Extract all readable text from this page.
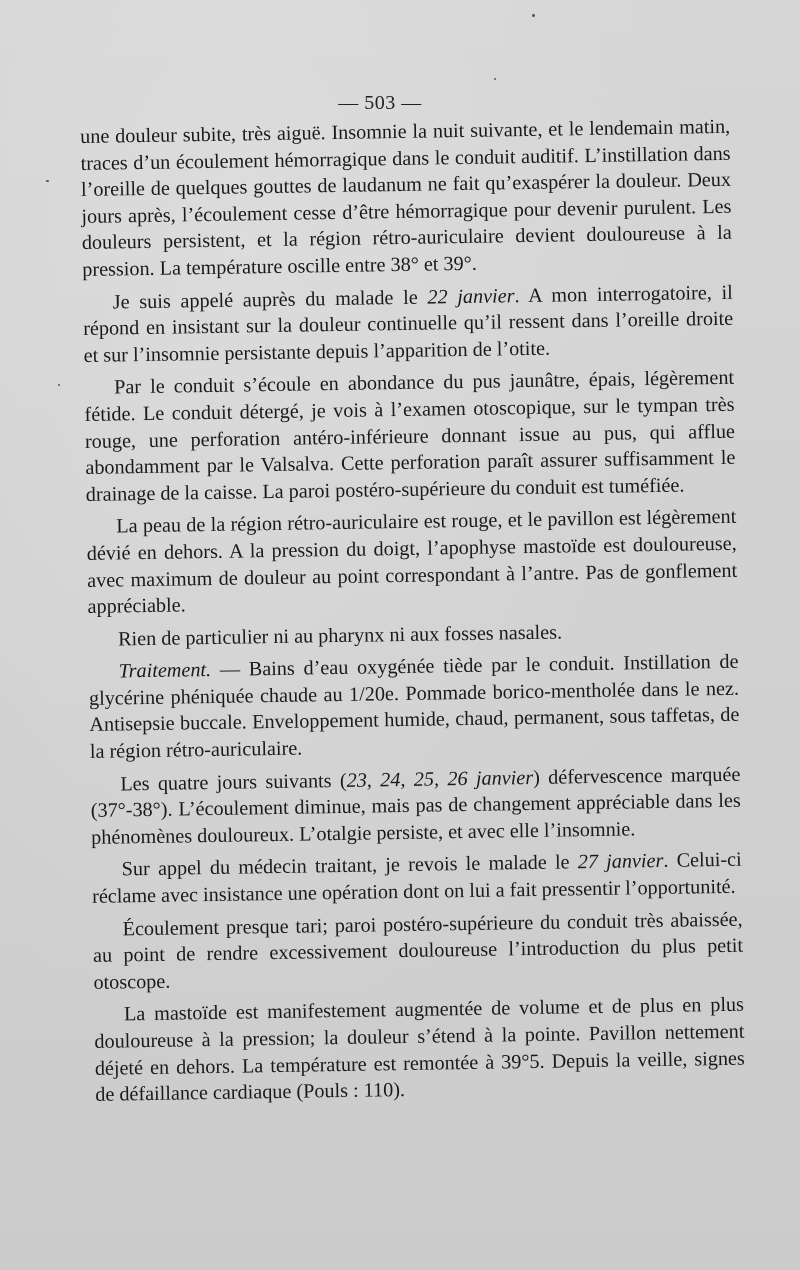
— 503 —

une douleur subite, très aiguë. Insomnie la nuit suivante, et le lendemain matin, traces d’un écoulement hémorragique dans le conduit auditif. L’instillation dans l’oreille de quelques gouttes de laudanum ne fait qu’exaspérer la douleur. Deux jours après, l’écoulement cesse d’être hémorragique pour devenir purulent. Les douleurs persistent, et la région rétro-auriculaire devient douloureuse à la pression. La température oscille entre 38° et 39°.

Je suis appelé auprès du malade le 22 janvier. A mon interrogatoire, il répond en insistant sur la douleur continuelle qu’il ressent dans l’oreille droite et sur l’insomnie persistante depuis l’apparition de l’otite.

Par le conduit s’écoule en abondance du pus jaunâtre, épais, légèrement fétide. Le conduit détergé, je vois à l’examen otoscopique, sur le tympan très rouge, une perforation antéro-inférieure donnant issue au pus, qui afflue abondamment par le Valsalva. Cette perforation paraît assurer suffisamment le drainage de la caisse. La paroi postéro-supérieure du conduit est tuméfiée.

La peau de la région rétro-auriculaire est rouge, et le pavillon est légèrement dévié en dehors. A la pression du doigt, l’apophyse mastoïde est douloureuse, avec maximum de douleur au point correspondant à l’antre. Pas de gonflement appréciable.

Rien de particulier ni au pharynx ni aux fosses nasales.

Traitement. — Bains d’eau oxygénée tiède par le conduit. Instillation de glycérine phéniquée chaude au 1/20e. Pommade borico-mentholée dans le nez. Antisepsie buccale. Enveloppement humide, chaud, permanent, sous taffetas, de la région rétro-auriculaire.

Les quatre jours suivants (23, 24, 25, 26 janvier) défervescence marquée (37°-38°). L’écoulement diminue, mais pas de changement appréciable dans les phénomènes douloureux. L’otalgie persiste, et avec elle l’insomnie.

Sur appel du médecin traitant, je revois le malade le 27 janvier. Celui-ci réclame avec insistance une opération dont on lui a fait pressentir l’opportunité.

Écoulement presque tari; paroi postéro-supérieure du conduit très abaissée, au point de rendre excessivement douloureuse l’introduction du plus petit otoscope.

La mastoïde est manifestement augmentée de volume et de plus en plus douloureuse à la pression; la douleur s’étend à la pointe. Pavillon nettement déjeté en dehors. La température est remontée à 39°5. Depuis la veille, signes de défaillance cardiaque (Pouls : 110).
